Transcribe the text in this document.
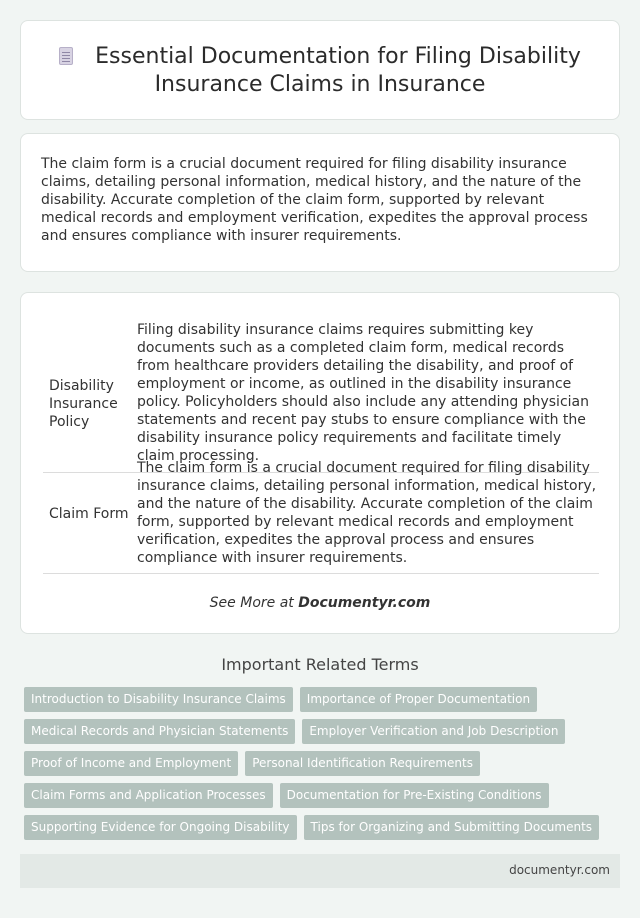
Essential Documentation for Filing Disability Insurance Claims in Insurance

The claim form is a crucial document required for filing disability insurance claims, detailing personal information, medical history, and the nature of the disability. Accurate completion of the claim form, supported by relevant medical records and employment verification, expedites the approval process and ensures compliance with insurer requirements.

Disability Insurance Policy
Filing disability insurance claims requires submitting key documents such as a completed claim form, medical records from healthcare providers detailing the disability, and proof of employment or income, as outlined in the disability insurance policy. Policyholders should also include any attending physician statements and recent pay stubs to ensure compliance with the disability insurance policy requirements and facilitate timely claim processing.
Claim Form
The claim form is a crucial document required for filing disability insurance claims, detailing personal information, medical history, and the nature of the disability. Accurate completion of the claim form, supported by relevant medical records and employment verification, expedites the approval process and ensures compliance with insurer requirements.
See More at Documentyr.com
Important Related Terms
Introduction to Disability Insurance Claims	Importance of Proper Documentation
Medical Records and Physician Statements	Employer Verification and Job Description
Proof of Income and Employment	Personal Identification Requirements
Claim Forms and Application Processes	Documentation for Pre-Existing Conditions
Supporting Evidence for Ongoing Disability	Tips for Organizing and Submitting Documents
documentyr.com
